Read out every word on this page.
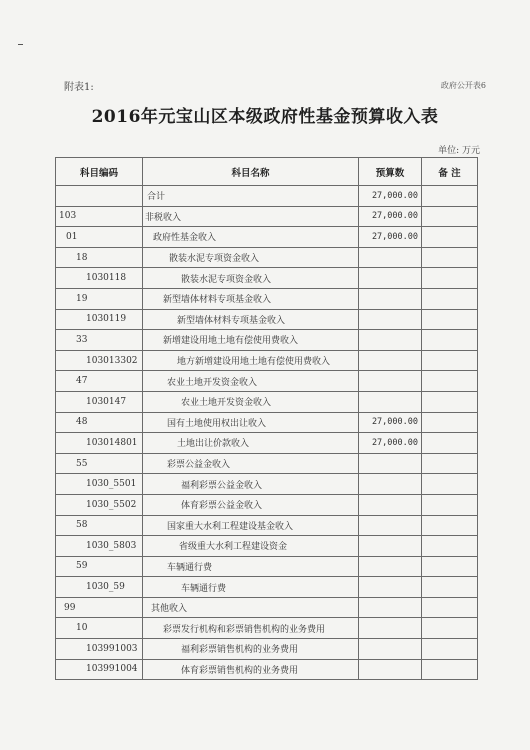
附表1:	政府公开表6
2016年元宝山区本级政府性基金预算收入表
单位: 万元
科目编码	科目名称	预算数	备 注
	合计	27,000.00	
103	非税收入	27,000.00	
01	政府性基金收入	27,000.00	
18	散装水泥专项资金收入		
1030118	散装水泥专项资金收入		
19	新型墙体材料专项基金收入		
1030119	新型墙体材料专项基金收入		
33	新增建设用地土地有偿使用费收入		
103013302	地方新增建设用地土地有偿使用费收入		
47	农业土地开发资金收入		
1030147	农业土地开发资金收入		
48	国有土地使用权出让收入	27,000.00	
103014801	土地出让价款收入	27,000.00	
55	彩票公益金收入		
1030_5501	福利彩票公益金收入		
1030_5502	体育彩票公益金收入		
58	国家重大水利工程建设基金收入		
1030_5803	省级重大水利工程建设资金		
59	车辆通行费		
1030_59	车辆通行费		
99	其他收入		
10	彩票发行机构和彩票销售机构的业务费用		
103991003	福利彩票销售机构的业务费用		
103991004	体育彩票销售机构的业务费用		
